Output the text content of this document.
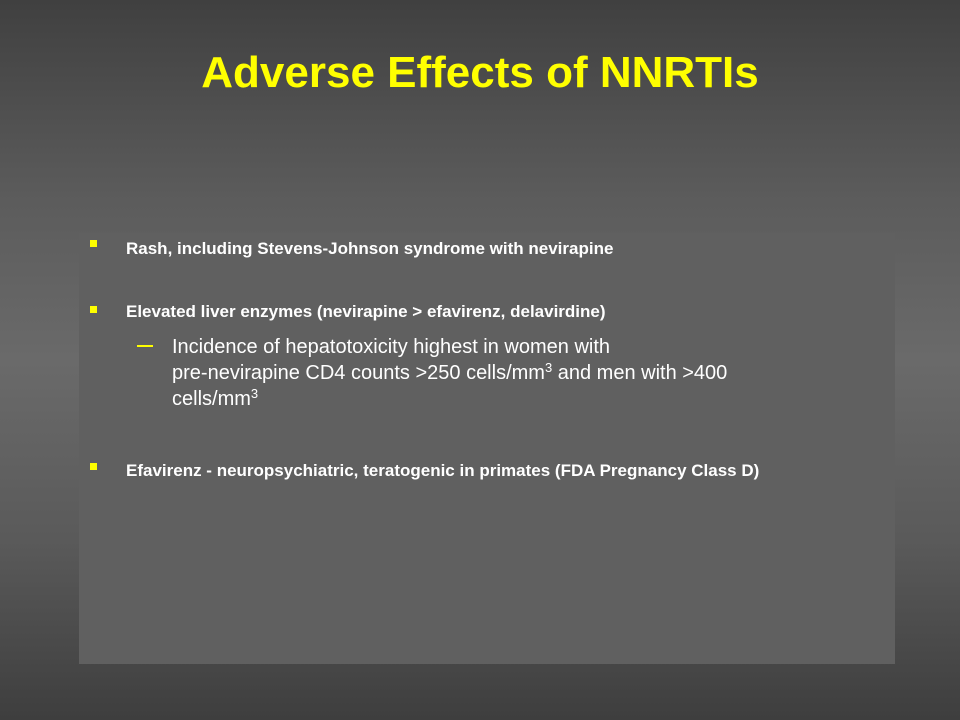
Adverse Effects of NNRTIs
Rash, including Stevens-Johnson syndrome with nevirapine
Elevated liver enzymes (nevirapine > efavirenz, delavirdine)
Incidence of hepatotoxicity highest in women with
pre-nevirapine CD4 counts >250 cells/$mm^3$ and men with >400
cells/$mm^3$
Efavirenz - neuropsychiatric, teratogenic in primates (FDA Pregnancy Class D)
